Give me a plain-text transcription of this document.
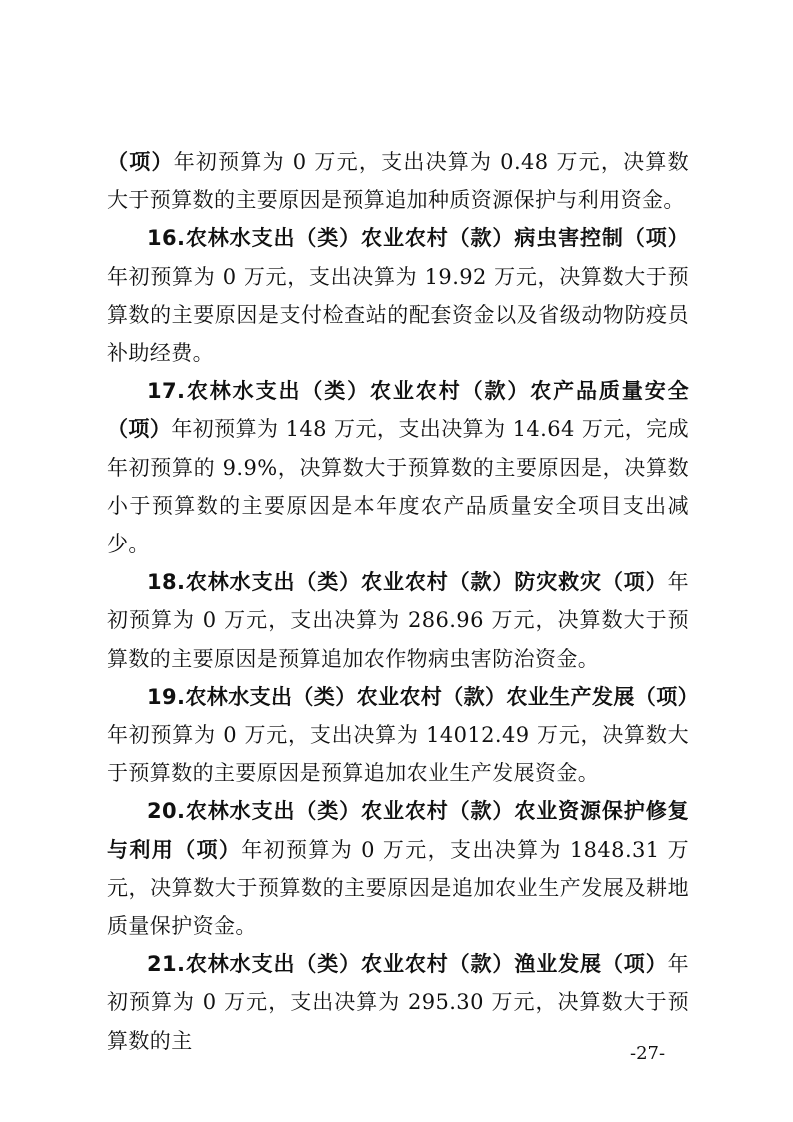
（项）年初预算为 0 万元，支出决算为 0.48 万元，决算数大于预算数的主要原因是预算追加种质资源保护与利用资金。

16.农林水支出（类）农业农村（款）病虫害控制（项）年初预算为 0 万元，支出决算为 19.92 万元，决算数大于预算数的主要原因是支付检查站的配套资金以及省级动物防疫员补助经费。

17.农林水支出（类）农业农村（款）农产品质量安全（项）年初预算为 148 万元，支出决算为 14.64 万元，完成年初预算的 9.9%，决算数大于预算数的主要原因是，决算数小于预算数的主要原因是本年度农产品质量安全项目支出减少。

18.农林水支出（类）农业农村（款）防灾救灾（项）年初预算为 0 万元，支出决算为 286.96 万元，决算数大于预算数的主要原因是预算追加农作物病虫害防治资金。

19.农林水支出（类）农业农村（款）农业生产发展（项）年初预算为 0 万元，支出决算为 14012.49 万元，决算数大于预算数的主要原因是预算追加农业生产发展资金。

20.农林水支出（类）农业农村（款）农业资源保护修复与利用（项）年初预算为 0 万元，支出决算为 1848.31 万元，决算数大于预算数的主要原因是追加农业生产发展及耕地质量保护资金。

21.农林水支出（类）农业农村（款）渔业发展（项）年初预算为 0 万元，支出决算为 295.30 万元，决算数大于预算数的主

-27-
